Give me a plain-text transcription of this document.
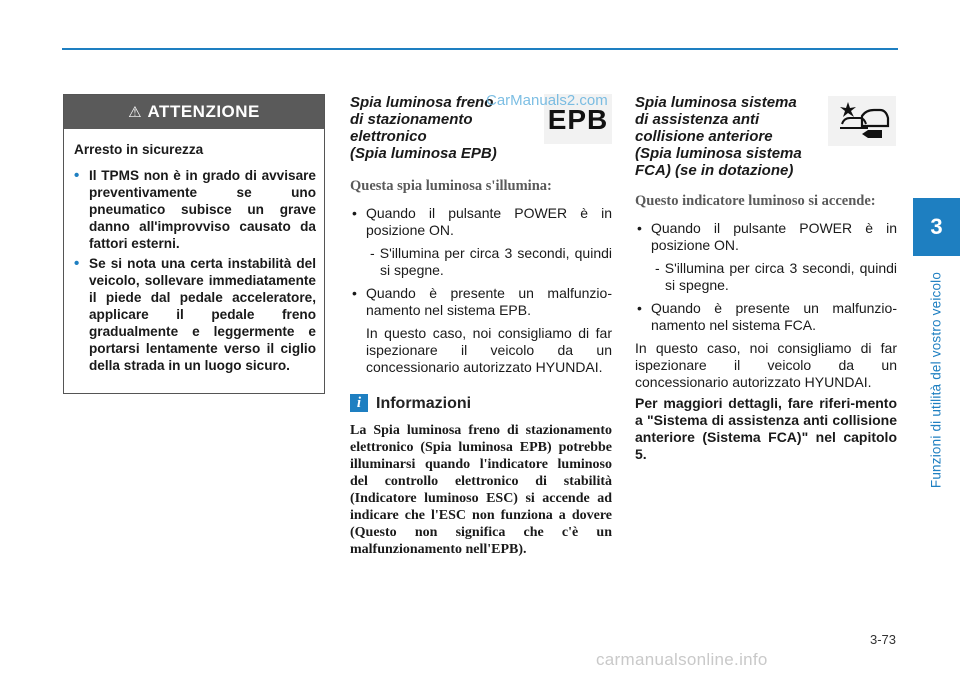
3
Funzioni di utilità del vostro veicolo
⚠ ATTENZIONE
Arresto in sicurezza
• Il TPMS non è in grado di avvisare preventivamente se uno pneumatico subisce un grave danno all'improvviso causato da fattori esterni.
• Se si nota una certa instabilità del veicolo, sollevare immediatamente il piede dal pedale acceleratore, applicare il pedale freno gradualmente e leggermente e portarsi lentamente verso il ciglio della strada in un luogo sicuro.

Spia luminosa freno
di stazionamento
elettronico
(Spia luminosa EPB)

EPB
Questa spia luminosa s'illumina:
• Quando il pulsante POWER è in posizione ON.
- S'illumina per circa 3 secondi, quindi si spegne.
• Quando è presente un malfunzio-namento nel sistema EPB.
In questo caso, noi consigliamo di far ispezionare il veicolo da un concessionario autorizzato HYUNDAI.
i Informazioni
La Spia luminosa freno di stazionamento elettronico (Spia luminosa EPB) potrebbe illuminarsi quando l'indicatore luminoso del controllo elettronico di stabilità (Indicatore luminoso ESC) si accende ad indicare che l'ESC non funziona a dovere (Questo non significa che c'è un malfunzionamento nell'EPB).

Spia luminosa sistema
di assistenza anti
collisione anteriore
(Spia luminosa sistema
FCA) (se in dotazione)

Questo indicatore luminoso si accende:
• Quando il pulsante POWER è in posizione ON.
- S'illumina per circa 3 secondi, quindi si spegne.
• Quando è presente un malfunzio-namento nel sistema FCA.
In questo caso, noi consigliamo di far ispezionare il veicolo da un concessionario autorizzato HYUNDAI.
Per maggiori dettagli, fare riferi-mento a "Sistema di assistenza anti collisione anteriore (Sistema FCA)" nel capitolo 5.
3-73
CarManuals2.com
carmanualsonline.info
